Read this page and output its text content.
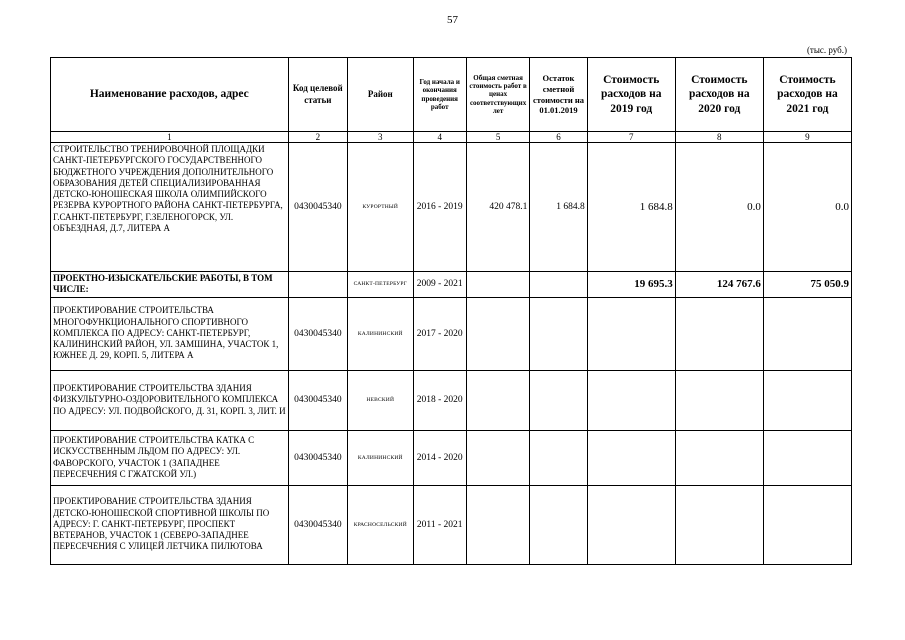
57
(тыс. руб.)
Наименование расходов, адрес	Код целевой статьи	Район	Год начала и окончания проведения работ	Общая сметная стоимость работ в ценах соответствующих лет	Остаток сметной стоимости на 01.01.2019	Стоимость расходов на 2019 год	Стоимость расходов на 2020 год	Стоимость расходов на 2021 год
1	2	3	4	5	6	7	8	9
СТРОИТЕЛЬСТВО ТРЕНИРОВОЧНОЙ ПЛОЩАДКИ САНКТ-ПЕТЕРБУРГСКОГО ГОСУДАРСТВЕННОГО БЮДЖЕТНОГО УЧРЕЖДЕНИЯ ДОПОЛНИТЕЛЬНОГО ОБРАЗОВАНИЯ ДЕТЕЙ СПЕЦИАЛИЗИРОВАННАЯ ДЕТСКО-ЮНОШЕСКАЯ ШКОЛА ОЛИМПИЙСКОГО РЕЗЕРВА КУРОРТНОГО РАЙОНА САНКТ-ПЕТЕРБУРГА, Г.САНКТ-ПЕТЕРБУРГ, Г.ЗЕЛЕНОГОРСК, УЛ. ОБЪЕЗДНАЯ, Д.7, ЛИТЕРА А	0430045340	КУРОРТНЫЙ	2016 - 2019	420 478.1	1 684.8	1 684.8	0.0	0.0
ПРОЕКТНО-ИЗЫСКАТЕЛЬСКИЕ РАБОТЫ, В ТОМ ЧИСЛЕ:		САНКТ-ПЕТЕРБУРГ	2009 - 2021			19 695.3	124 767.6	75 050.9
ПРОЕКТИРОВАНИЕ СТРОИТЕЛЬСТВА МНОГОФУНКЦИОНАЛЬНОГО СПОРТИВНОГО КОМПЛЕКСА ПО АДРЕСУ: САНКТ-ПЕТЕРБУРГ, КАЛИНИНСКИЙ РАЙОН, УЛ. ЗАМШИНА, УЧАСТОК 1, ЮЖНЕЕ Д. 29, КОРП. 5, ЛИТЕРА А	0430045340	КАЛИНИНСКИЙ	2017 - 2020					
ПРОЕКТИРОВАНИЕ СТРОИТЕЛЬСТВА ЗДАНИЯ ФИЗКУЛЬТУРНО-ОЗДОРОВИТЕЛЬНОГО КОМПЛЕКСА ПО АДРЕСУ: УЛ. ПОДВОЙСКОГО, Д. 31, КОРП. 3, ЛИТ. И	0430045340	НЕВСКИЙ	2018 - 2020					
ПРОЕКТИРОВАНИЕ СТРОИТЕЛЬСТВА КАТКА С ИСКУССТВЕННЫМ ЛЬДОМ ПО АДРЕСУ: УЛ. ФАВОРСКОГО, УЧАСТОК 1 (ЗАПАДНЕЕ ПЕРЕСЕЧЕНИЯ С ГЖАТСКОЙ УЛ.)	0430045340	КАЛИНИНСКИЙ	2014 - 2020					
ПРОЕКТИРОВАНИЕ СТРОИТЕЛЬСТВА ЗДАНИЯ ДЕТСКО-ЮНОШЕСКОЙ СПОРТИВНОЙ ШКОЛЫ ПО АДРЕСУ: Г. САНКТ-ПЕТЕРБУРГ, ПРОСПЕКТ ВЕТЕРАНОВ, УЧАСТОК 1 (СЕВЕРО-ЗАПАДНЕЕ ПЕРЕСЕЧЕНИЯ С УЛИЦЕЙ ЛЕТЧИКА ПИЛЮТОВА	0430045340	КРАСНОСЕЛЬСКИЙ	2011 - 2021					
